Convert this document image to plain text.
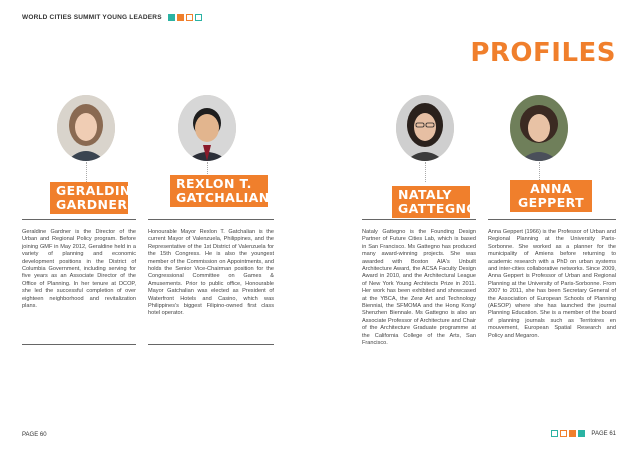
WORLD CITIES SUMMIT YOUNG LEADERS
PROFILES
GERALDINE
GARDNER
Geraldine Gardner is the Director of the Urban and Regional Policy program. Before joining GMF in May 2012, Geraldine held in a variety of planning and economic development positions in the District of Columbia Government, including serving for five years as an Associate Director of the Office of Planning. In her tenure at DCOP, she led the successful completion of over eighteen neighborhood and revitalization plans.
REXLON T.
GATCHALIAN
Honourable Mayor Rexlon T. Gatchalian is the current Mayor of Valenzuela, Philippines, and the Representative of the 1st District of Valenzuela for the 15th Congress. He is also the youngest member of the Commission on Appointments, and holds the Senior Vice-Chairman position for the Congressional Committee on Games & Amusements. Prior to public office, Honourable Mayor Gatchalian was elected as President of Waterfront Hotels and Casino, which was Philippines's biggest Filipino-owned first class hotel operator.
NATALY
GATTEGNO
Nataly Gattegno is the Founding Design Partner of Future Cities Lab, which is based in San Francisco. Ms Gattegno has produced many award-winning projects. She was awarded with Boston AIA's Unbuilt Architecture Award, the ACSA Faculty Design Award in 2010, and the Architectural League of New York Young Architects Prize in 2011. Her work has been exhibited and showcased at the YBCA, the Zerø Art and Technology Biennial, the SFMOMA and the Hong Kong/ Shenzhen Biennale. Ms Gattegno is also an Associate Professor of Architecture and Chair of the Architecture Graduate programme at the California College of the Arts, San Francisco.
ANNA
GEPPERT
Anna Geppert (1966) is the Professor of Urban and Regional Planning at the University Paris-Sorbonne. She worked as a planner for the municipality of Amiens before returning to academic research with a PhD on urban systems and inter-cities collaborative networks. Since 2009, Anna Geppert is Professor of Urban and Regional Planning at the University of Paris-Sorbonne. From 2007 to 2011, she has been Secretary General of the Association of European Schools of Planning (AESOP) where she has launched the journal Planning Education. She is a member of the board of planning journals such as Territoires en mouvement, European Spatial Research and Policy and Megaron.
PAGE 60	PAGE 61
